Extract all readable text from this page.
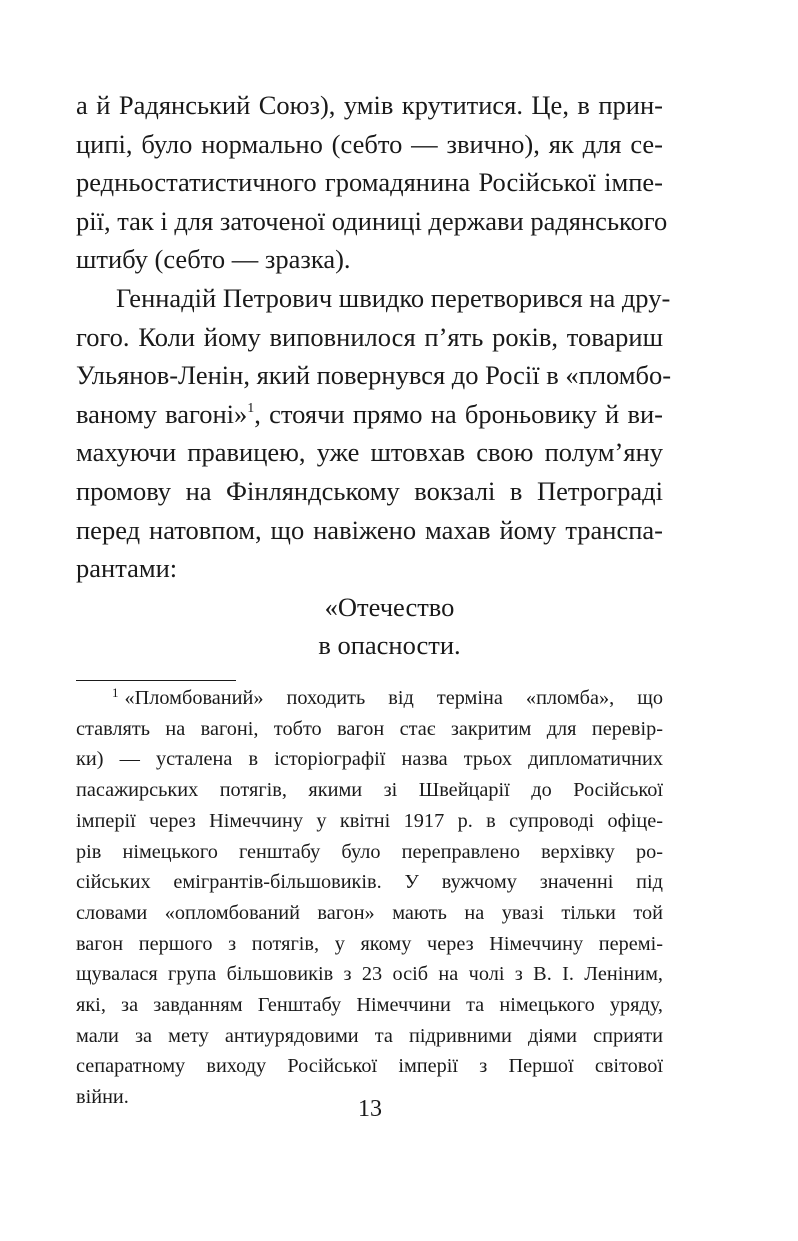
а й Радянський Союз), умів крутитися. Це, в прин-
ципі, було нормально (себто — звично), як для се-
редньостатистичного громадянина Російської імпе-
рії, так і для заточеної одиниці держави радянського
штибу (себто — зразка).
Геннадій Петрович швидко перетворився на дру-
гого. Коли йому виповнилося п’ять років, товариш
Ульянов-Ленін, який повернувся до Росії в «пломбо-
ваному вагоні»$^1$, стоячи прямо на броньовику й ви-
махуючи правицею, уже штовхав свою полум’яну
промову на Фінляндському вокзалі в Петрограді
перед натовпом, що навіжено махав йому транспа-
рантами:
«Отечество
в опасности.
$^1$ «Пломбований» походить від терміна «пломба», що
ставлять на вагоні, тобто вагон стає закритим для перевір-
ки) — усталена в історіографії назва трьох дипломатичних
пасажирських потягів, якими зі Швейцарії до Російської
імперії через Німеччину у квітні 1917 р. в супроводі офіце-
рів німецького генштабу було переправлено верхівку ро-
сійських емігрантів-більшовиків. У вужчому значенні під
словами «опломбований вагон» мають на увазі тільки той
вагон першого з потягів, у якому через Німеччину перемі-
щувалася група більшовиків з 23 осіб на чолі з В. І. Леніним,
які, за завданням Генштабу Німеччини та німецького уряду,
мали за мету антиурядовими та підривними діями сприяти
сепаратному виходу Російської імперії з Першої світової
війни.	13
